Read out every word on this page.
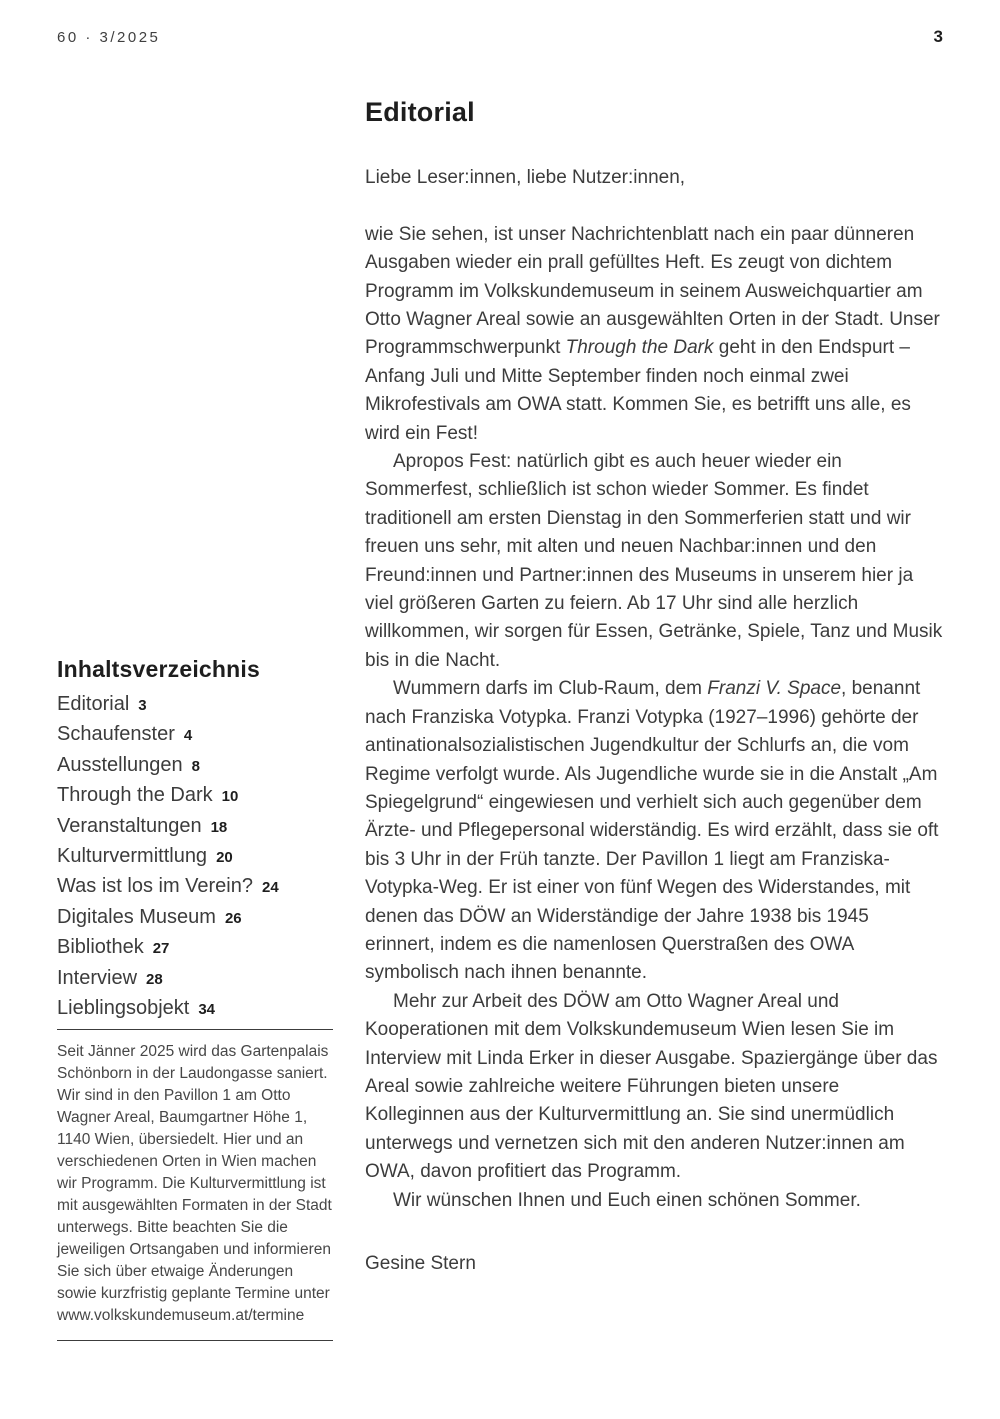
60 · 3/2025	3
Editorial

Liebe Leser:innen, liebe Nutzer:innen,

wie Sie sehen, ist unser Nachrichtenblatt nach ein paar dünneren Ausgaben wieder ein prall gefülltes Heft. Es zeugt von dichtem Programm im Volkskundemuseum in seinem Ausweichquartier am Otto Wagner Areal sowie an ausgewählten Orten in der Stadt. Unser Programmschwerpunkt Through the Dark geht in den Endspurt – Anfang Juli und Mitte September finden noch einmal zwei Mikrofestivals am OWA statt. Kommen Sie, es betrifft uns alle, es wird ein Fest!

Apropos Fest: natürlich gibt es auch heuer wieder ein Sommerfest, schließlich ist schon wieder Sommer. Es findet traditionell am ersten Dienstag in den Sommerferien statt und wir freuen uns sehr, mit alten und neuen Nachbar:innen und den Freund:innen und Partner:innen des Museums in unserem hier ja viel größeren Garten zu feiern. Ab 17 Uhr sind alle herzlich willkommen, wir sorgen für Essen, Getränke, Spiele, Tanz und Musik bis in die Nacht.

Wummern darfs im Club-Raum, dem Franzi V. Space, benannt nach Franziska Votypka. Franzi Votypka (1927–1996) gehörte der antinationalsozialistischen Jugendkultur der Schlurfs an, die vom Regime verfolgt wurde. Als Jugendliche wurde sie in die Anstalt „Am Spiegelgrund“ eingewiesen und verhielt sich auch gegenüber dem Ärzte- und Pflegepersonal widerständig. Es wird erzählt, dass sie oft bis 3 Uhr in der Früh tanzte. Der Pavillon 1 liegt am Franziska-Votypka-Weg. Er ist einer von fünf Wegen des Widerstandes, mit denen das DÖW an Widerständige der Jahre 1938 bis 1945 erinnert, indem es die namenlosen Querstraßen des OWA symbolisch nach ihnen benannte.

Mehr zur Arbeit des DÖW am Otto Wagner Areal und Kooperationen mit dem Volkskundemuseum Wien lesen Sie im Interview mit Linda Erker in dieser Ausgabe. Spaziergänge über das Areal sowie zahlreiche weitere Führungen bieten unsere Kolleginnen aus der Kulturvermittlung an. Sie sind unermüdlich unterwegs und vernetzen sich mit den anderen Nutzer:innen am OWA, davon profitiert das Programm.

Wir wünschen Ihnen und Euch einen schönen Sommer.

Gesine Stern

Inhaltsverzeichnis
Editorial 3
Schaufenster 4
Ausstellungen 8
Through the Dark 10
Veranstaltungen 18
Kulturvermittlung 20
Was ist los im Verein? 24
Digitales Museum 26
Bibliothek 27
Interview 28
Lieblingsobjekt 34

Seit Jänner 2025 wird das Gartenpalais Schönborn in der Laudongasse saniert. Wir sind in den Pavillon 1 am Otto Wagner Areal, Baumgartner Höhe 1, 1140 Wien, übersiedelt. Hier und an verschiedenen Orten in Wien machen wir Programm. Die Kulturvermittlung ist mit ausgewählten Formaten in der Stadt unterwegs. Bitte beachten Sie die jeweiligen Ortsangaben und informieren Sie sich über etwaige Änderungen sowie kurzfristig geplante Termine unter www.volkskundemuseum.at/termine
